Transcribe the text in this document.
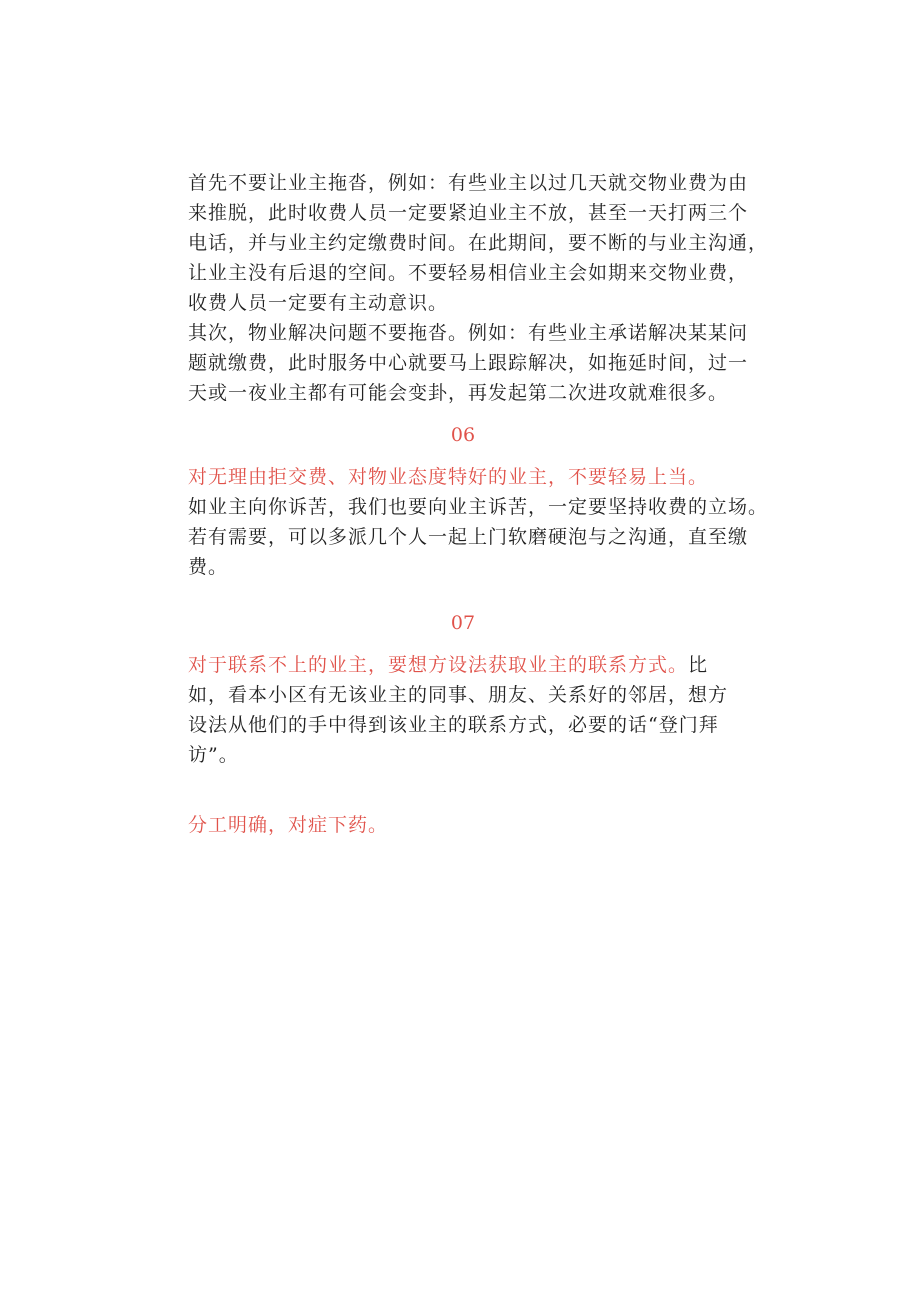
首先不要让业主拖沓，例如：有些业主以过几天就交物业费为由
来推脱，此时收费人员一定要紧迫业主不放，甚至一天打两三个
电话，并与业主约定缴费时间。在此期间，要不断的与业主沟通，
让业主没有后退的空间。不要轻易相信业主会如期来交物业费，
收费人员一定要有主动意识。
其次，物业解决问题不要拖沓。例如：有些业主承诺解决某某问
题就缴费，此时服务中心就要马上跟踪解决，如拖延时间，过一
天或一夜业主都有可能会变卦，再发起第二次进攻就难很多。
06
对无理由拒交费、对物业态度特好的业主，不要轻易上当。
如业主向你诉苦，我们也要向业主诉苦，一定要坚持收费的立场。
若有需要，可以多派几个人一起上门软磨硬泡与之沟通，直至缴
费。
07
对于联系不上的业主，要想方设法获取业主的联系方式。比
如，看本小区有无该业主的同事、朋友、关系好的邻居，想方
设法从他们的手中得到该业主的联系方式，必要的话“登门拜
访”。
分工明确，对症下药。
